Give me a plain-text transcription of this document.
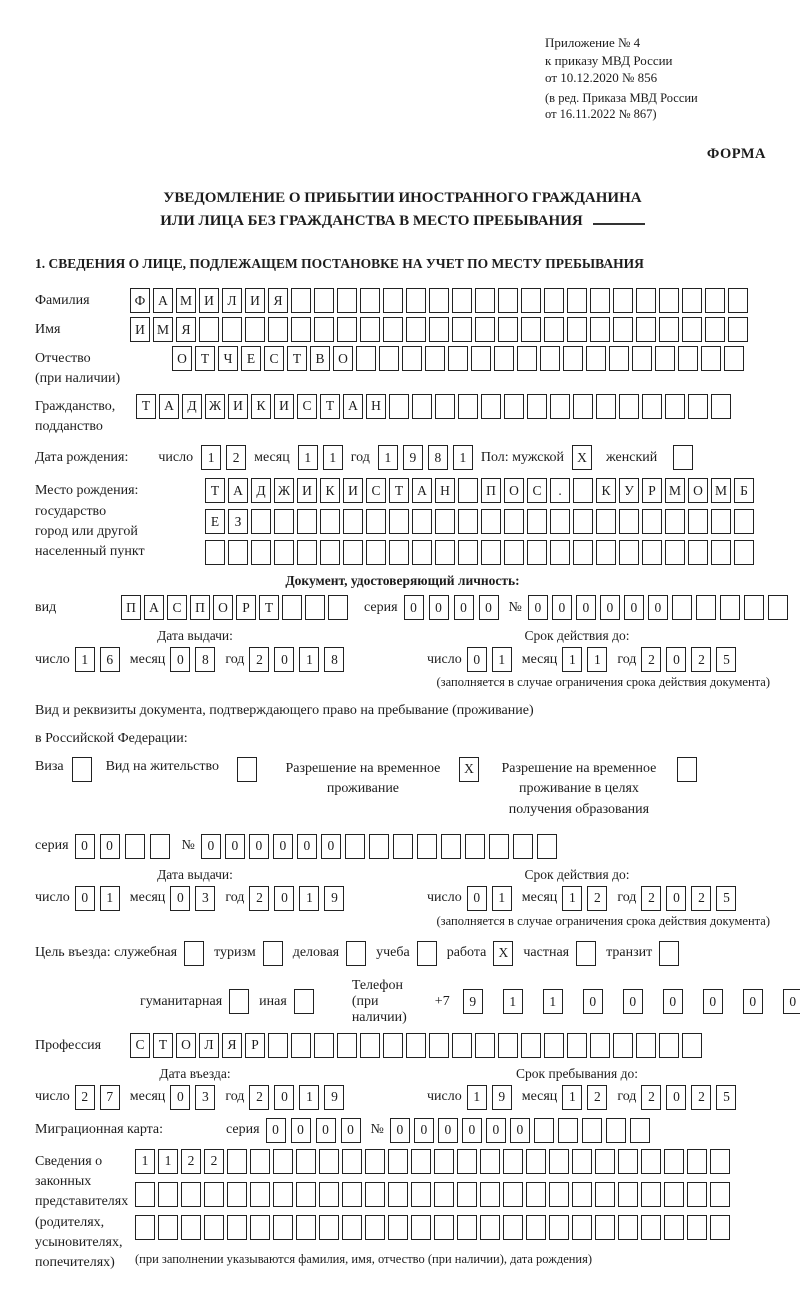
Приложение № 4
к приказу МВД России
от 10.12.2020 № 856
(в ред. Приказа МВД России
от 16.11.2022 № 867)
ФОРМА
УВЕДОМЛЕНИЕ О ПРИБЫТИИ ИНОСТРАННОГО ГРАЖДАНИНА
ИЛИ ЛИЦА БЕЗ ГРАЖДАНСТВА В МЕСТО ПРЕБЫВАНИЯ
1. СВЕДЕНИЯ О ЛИЦЕ, ПОДЛЕЖАЩЕМ ПОСТАНОВКЕ НА УЧЕТ ПО МЕСТУ ПРЕБЫВАНИЯ
Фамилия	Ф А М И	Л	И	Я
Имя	И М Я
Отчество
(при наличии)
О	Т	Ч	Е	С	Т	В	О
Гражданство,
подданство
Т	А	Д Ж И	К	И	С	Т	А Н
Дата рождения: число	1	2	месяц	1	1	год	1	9	8	1	Пол: мужской X	женский
Место рождения:
государство
город или другой
населенный пункт
Т	А	Д Ж И	К	И	С	Т	А Н	П О	С	.	К	У	Р М О М Б
Е	З
Документ, удостоверяющий личность:
вид	П А	С	П О	Р	Т	серия 0	0	0	0	№ 0	0	0	0	0	0
Дата выдачи:
число 1	6	месяц 0	8	год 2	0	1	8
Срок действия до:
число 0	1	месяц 1	1	год 2	0	2	5
(заполняется в случае ограничения срока действия документа)
Вид и реквизиты документа, подтверждающего право на пребывание (проживание)
в Российской Федерации:
Виза	Вид на жительство	Разрешение на временное проживание
X	Разрешение на временное проживание в целях получения образования
серия 0	0	№ 0	0	0	0	0	0
Дата выдачи:
число 0	1	месяц 0	3	год 2	0	1	9
Срок действия до:
число 0	1	месяц 1	2	год 2	0	2	5
(заполняется в случае ограничения срока действия документа)
Цель въезда: служебная	туризм	деловая	учеба	работа X	частная	транзит
гуманитарная	иная
Телефон (при наличии)
+7	9	1	1	0	0	0	0	0	0
Профессия	С	Т	О	Л	Я	Р
Дата въезда:
число 2	7	месяц 0	3	год 2	0	1	9
Срок пребывания до:
число 1	9	месяц 1	2	год 2	0	2	5
Миграционная карта:	серия 0	0	0	0	№ 0	0	0	0	0	0
Сведения о
законных
представителях
(родителях,
усыновителях,
попечителях)
1	1	2	2
(при заполнении указываются фамилия, имя, отчество (при наличии), дата рождения)
